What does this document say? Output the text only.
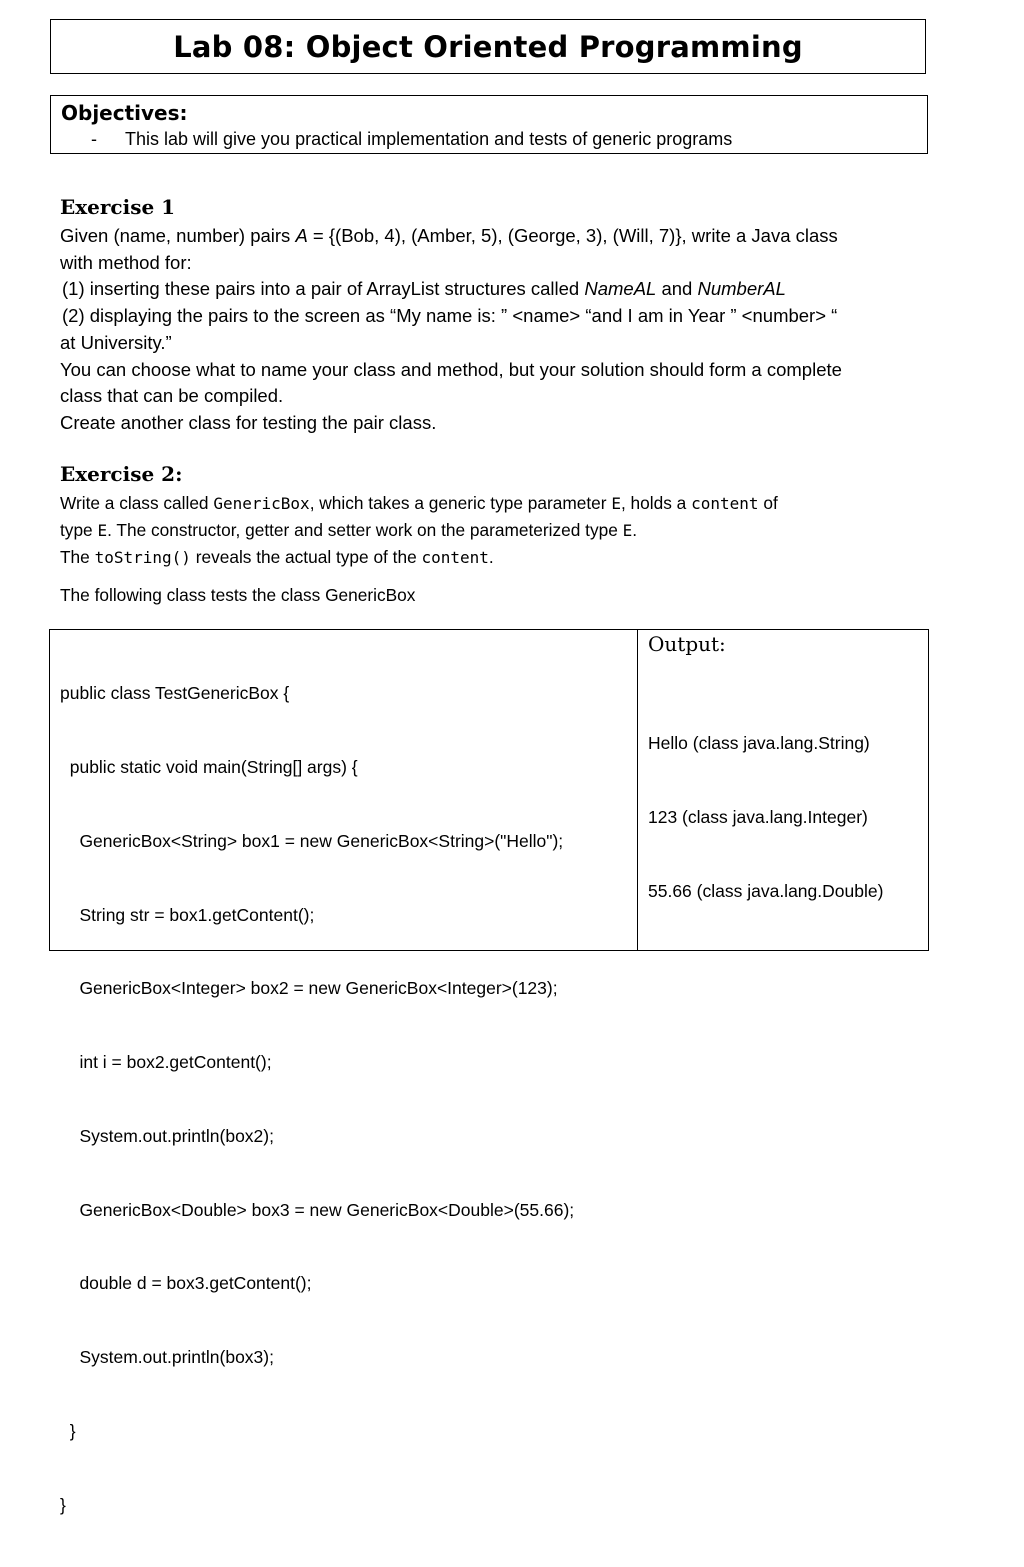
Lab 08: Object Oriented Programming
Objectives:
- This lab will give you practical implementation and tests of generic programs
Exercise 1

Given (name, number) pairs A = {(Bob, 4), (Amber, 5), (George, 3), (Will, 7)}, write a Java class

with method for:

(1) inserting these pairs into a pair of ArrayList structures called NameAL and NumberAL

(2) displaying the pairs to the screen as “My name is: ” <name> “and I am in Year ” <number> “

at University.”

You can choose what to name your class and method, but your solution should form a complete

class that can be compiled.

Create another class for testing the pair class.

Exercise 2:

Write a class called GenericBox, which takes a generic type parameter E, holds a content of

type E. The constructor, getter and setter work on the parameterized type E.

The toString() reveals the actual type of the content.

The following class tests the class GenericBox

public class TestGenericBox {

public static void main(String[] args) {

GenericBox<String> box1 = new GenericBox<String>("Hello");

String str = box1.getContent();

GenericBox<Integer> box2 = new GenericBox<Integer>(123);

int i = box2.getContent();

System.out.println(box2);

GenericBox<Double> box3 = new GenericBox<Double>(55.66);

double d = box3.getContent();

System.out.println(box3);

}

}

Output:

Hello (class java.lang.String)

123 (class java.lang.Integer)

55.66 (class java.lang.Double)
